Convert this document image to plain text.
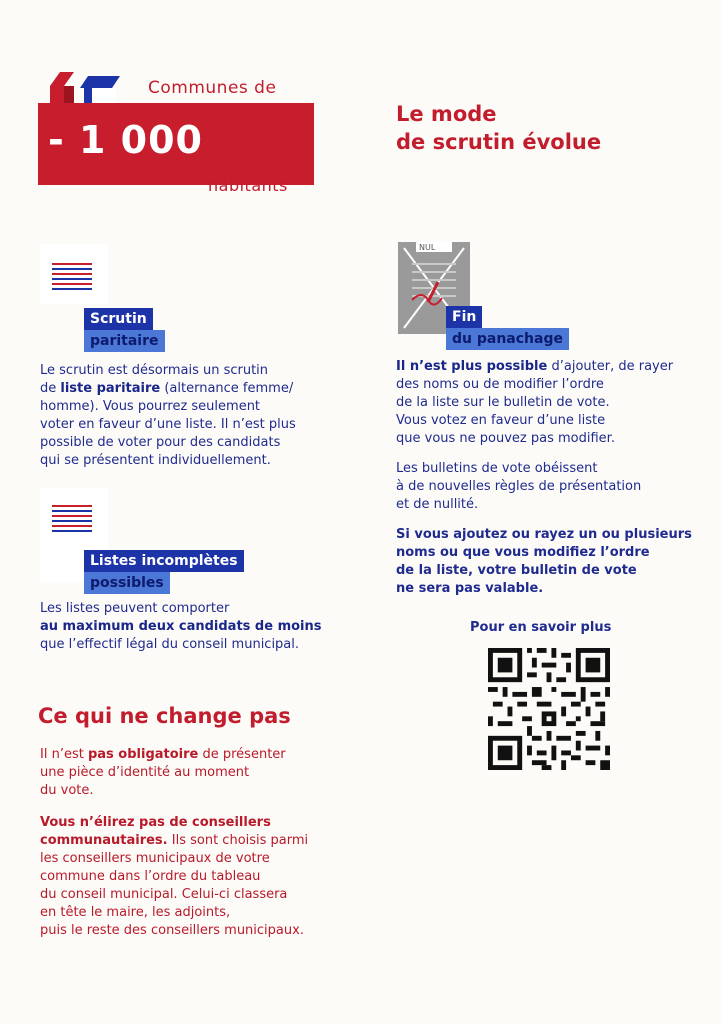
Communes de
- 1 000
habitants
Le mode
de scrutin évolue
Scrutin
paritaire
Le scrutin est désormais un scrutin
de liste paritaire (alternance femme/
homme). Vous pourrez seulement
voter en faveur d’une liste. Il n’est plus
possible de voter pour des candidats
qui se présentent individuellement.
Listes incomplètes
possibles
Les listes peuvent comporter
au maximum deux candidats de moins
que l’effectif légal du conseil municipal.
NUL
Fin
du panachage
Il n’est plus possible d’ajouter, de rayer
des noms ou de modifier l’ordre
de la liste sur le bulletin de vote.
Vous votez en faveur d’une liste
que vous ne pouvez pas modifier.
Les bulletins de vote obéissent
à de nouvelles règles de présentation
et de nullité.
Si vous ajoutez ou rayez un ou plusieurs
noms ou que vous modifiez l’ordre
de la liste, votre bulletin de vote
ne sera pas valable.
Pour en savoir plus
Ce qui ne change pas
Il n’est pas obligatoire de présenter
une pièce d’identité au moment
du vote.
Vous n’élirez pas de conseillers
communautaires. Ils sont choisis parmi
les conseillers municipaux de votre
commune dans l’ordre du tableau
du conseil municipal. Celui-ci classera
en tête le maire, les adjoints,
puis le reste des conseillers municipaux.
